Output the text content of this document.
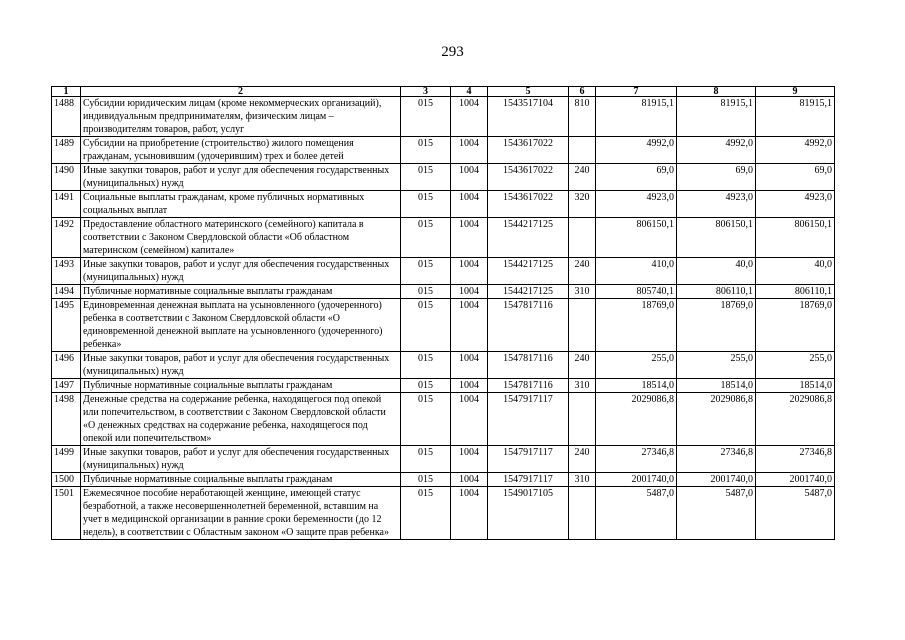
293
1	2	3	4	5	6	7	8	9
1488	Субсидии юридическим лицам (кроме некоммерческих организаций), индивидуальным предпринимателям, физическим лицам – производителям товаров, работ, услуг	015	1004	1543517104	810	81915,1	81915,1	81915,1
1489	Субсидии на приобретение (строительство) жилого помещения гражданам, усыновившим (удочерившим) трех и более детей	015	1004	1543617022		4992,0	4992,0	4992,0
1490	Иные закупки товаров, работ и услуг для обеспечения государственных (муниципальных) нужд	015	1004	1543617022	240	69,0	69,0	69,0
1491	Социальные выплаты гражданам, кроме публичных нормативных социальных выплат	015	1004	1543617022	320	4923,0	4923,0	4923,0
1492	Предоставление областного материнского (семейного) капитала в соответствии с Законом Свердловской области «Об областном материнском (семейном) капитале»	015	1004	1544217125		806150,1	806150,1	806150,1
1493	Иные закупки товаров, работ и услуг для обеспечения государственных (муниципальных) нужд	015	1004	1544217125	240	410,0	40,0	40,0
1494	Публичные нормативные социальные выплаты гражданам	015	1004	1544217125	310	805740,1	806110,1	806110,1
1495	Единовременная денежная выплата на усыновленного (удочеренного) ребенка в соответствии с Законом Свердловской области «О единовременной денежной выплате на усыновленного (удочеренного) ребенка»	015	1004	1547817116		18769,0	18769,0	18769,0
1496	Иные закупки товаров, работ и услуг для обеспечения государственных (муниципальных) нужд	015	1004	1547817116	240	255,0	255,0	255,0
1497	Публичные нормативные социальные выплаты гражданам	015	1004	1547817116	310	18514,0	18514,0	18514,0
1498	Денежные средства на содержание ребенка, находящегося под опекой или попечительством, в соответствии с Законом Свердловской области «О денежных средствах на содержание ребенка, находящегося под опекой или попечительством»	015	1004	1547917117		2029086,8	2029086,8	2029086,8
1499	Иные закупки товаров, работ и услуг для обеспечения государственных (муниципальных) нужд	015	1004	1547917117	240	27346,8	27346,8	27346,8
1500	Публичные нормативные социальные выплаты гражданам	015	1004	1547917117	310	2001740,0	2001740,0	2001740,0
1501	Ежемесячное пособие неработающей женщине, имеющей статус безработной, а также несовершеннолетней беременной, вставшим на учет в медицинской организации в ранние сроки беременности (до 12 недель), в соответствии с Областным законом «О защите прав ребенка»	015	1004	1549017105		5487,0	5487,0	5487,0
